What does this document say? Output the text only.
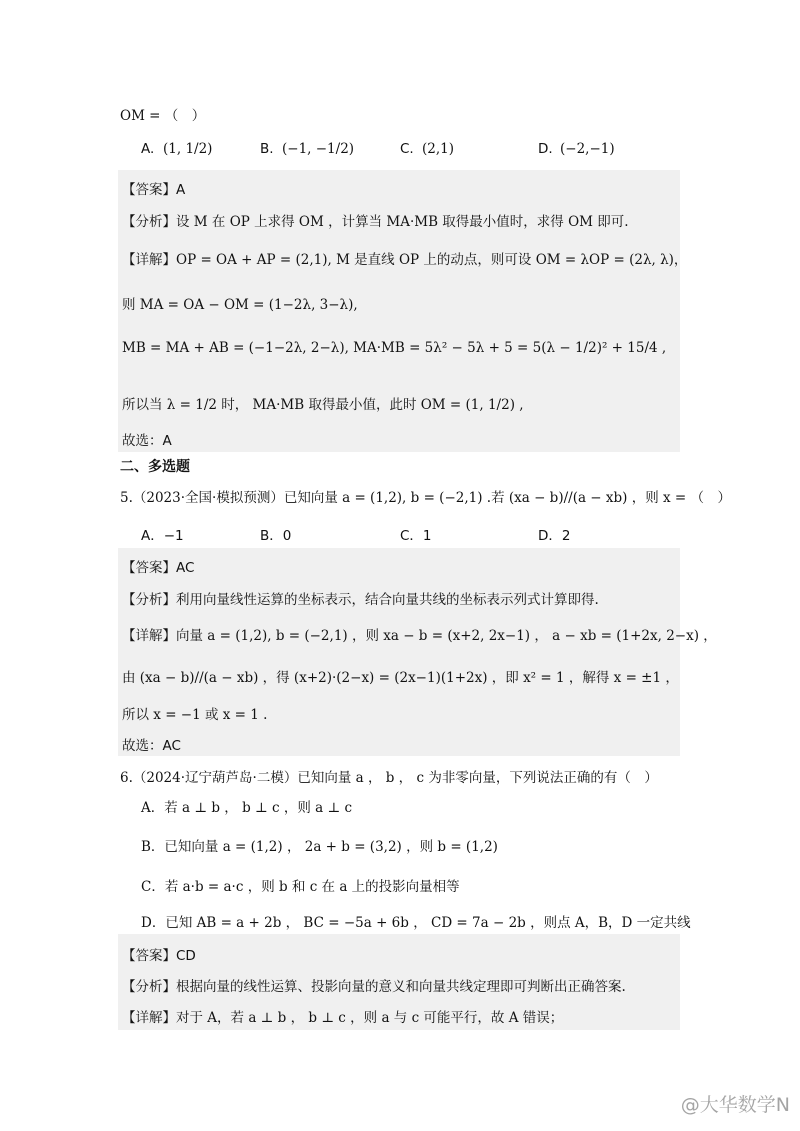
OM = （　）
A. (1, 1/2)	B. (−1, −1/2)	C. (2,1)	D. (−2,−1)
【答案】A
【分析】设 M 在 OP 上求得 OM ，计算当 MA·MB 取得最小值时，求得 OM 即可.
【详解】OP = OA + AP = (2,1), M 是直线 OP 上的动点，则可设 OM = λOP = (2λ, λ)，
则 MA = OA − OM = (1−2λ, 3−λ),
MB = MA + AB = (−1−2λ, 2−λ), MA·MB = 5λ² − 5λ + 5 = 5(λ − 1/2)² + 15/4 ,
所以当 λ = 1/2 时， MA·MB 取得最小值，此时 OM = (1, 1/2) ,
故选：A
二、多选题
5.（2023·全国·模拟预测）已知向量 a = (1,2), b = (−2,1) .若 (xa − b)//(a − xb) ，则 x = （　）
A．−1	B．0	C．1	D．2
【答案】AC
【分析】利用向量线性运算的坐标表示，结合向量共线的坐标表示列式计算即得.
【详解】向量 a = (1,2), b = (−2,1) ，则 xa − b = (x+2, 2x−1) ， a − xb = (1+2x, 2−x) ，
由 (xa − b)//(a − xb) ，得 (x+2)·(2−x) = (2x−1)(1+2x) ，即 x² = 1 ，解得 x = ±1 ，
所以 x = −1 或 x = 1 .
故选：AC
6.（2024·辽宁葫芦岛·二模）已知向量 a ， b ， c 为非零向量，下列说法正确的有（　）
A．若 a ⊥ b ， b ⊥ c ，则 a ⊥ c
B．已知向量 a = (1,2) ， 2a + b = (3,2) ，则 b = (1,2)
C．若 a·b = a·c ，则 b 和 c 在 a 上的投影向量相等
D．已知 AB = a + 2b ， BC = −5a + 6b ， CD = 7a − 2b ，则点 A，B，D 一定共线
【答案】CD
【分析】根据向量的线性运算、投影向量的意义和向量共线定理即可判断出正确答案.
【详解】对于 A，若 a ⊥ b ， b ⊥ c ，则 a 与 c 可能平行，故 A 错误；
@大华数学N
